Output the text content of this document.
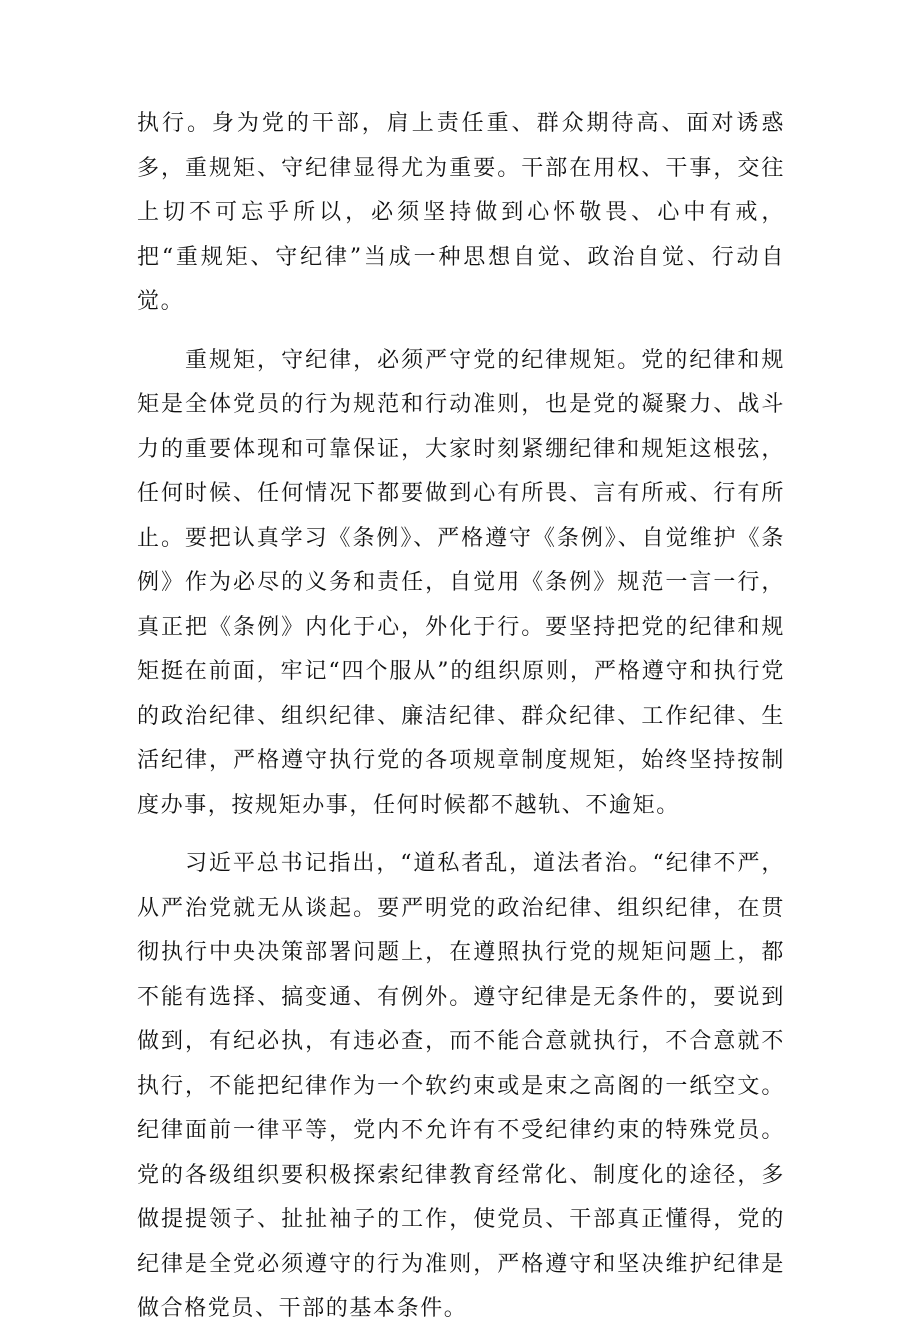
执行。身为党的干部，肩上责任重、群众期待高、面对诱惑多，重规矩、守纪律显得尤为重要。干部在用权、干事，交往上切不可忘乎所以，必须坚持做到心怀敬畏、心中有戒，把“重规矩、守纪律”当成一种思想自觉、政治自觉、行动自觉。

重规矩，守纪律，必须严守党的纪律规矩。党的纪律和规矩是全体党员的行为规范和行动准则，也是党的凝聚力、战斗力的重要体现和可靠保证，大家时刻紧绷纪律和规矩这根弦，任何时候、任何情况下都要做到心有所畏、言有所戒、行有所止。要把认真学习《条例》、严格遵守《条例》、自觉维护《条例》作为必尽的义务和责任，自觉用《条例》规范一言一行，真正把《条例》内化于心，外化于行。要坚持把党的纪律和规矩挺在前面，牢记“四个服从”的组织原则，严格遵守和执行党的政治纪律、组织纪律、廉洁纪律、群众纪律、工作纪律、生活纪律，严格遵守执行党的各项规章制度规矩，始终坚持按制度办事，按规矩办事，任何时候都不越轨、不逾矩。

习近平总书记指出，“道私者乱，道法者治。“纪律不严，从严治党就无从谈起。要严明党的政治纪律、组织纪律，在贯彻执行中央决策部署问题上，在遵照执行党的规矩问题上，都不能有选择、搞变通、有例外。遵守纪律是无条件的，要说到做到，有纪必执，有违必查，而不能合意就执行，不合意就不执行，不能把纪律作为一个软约束或是束之高阁的一纸空文。纪律面前一律平等，党内不允许有不受纪律约束的特殊党员。党的各级组织要积极探索纪律教育经常化、制度化的途径，多做提提领子、扯扯袖子的工作，使党员、干部真正懂得，党的纪律是全党必须遵守的行为准则，严格遵守和坚决维护纪律是做合格党员、干部的基本条件。
